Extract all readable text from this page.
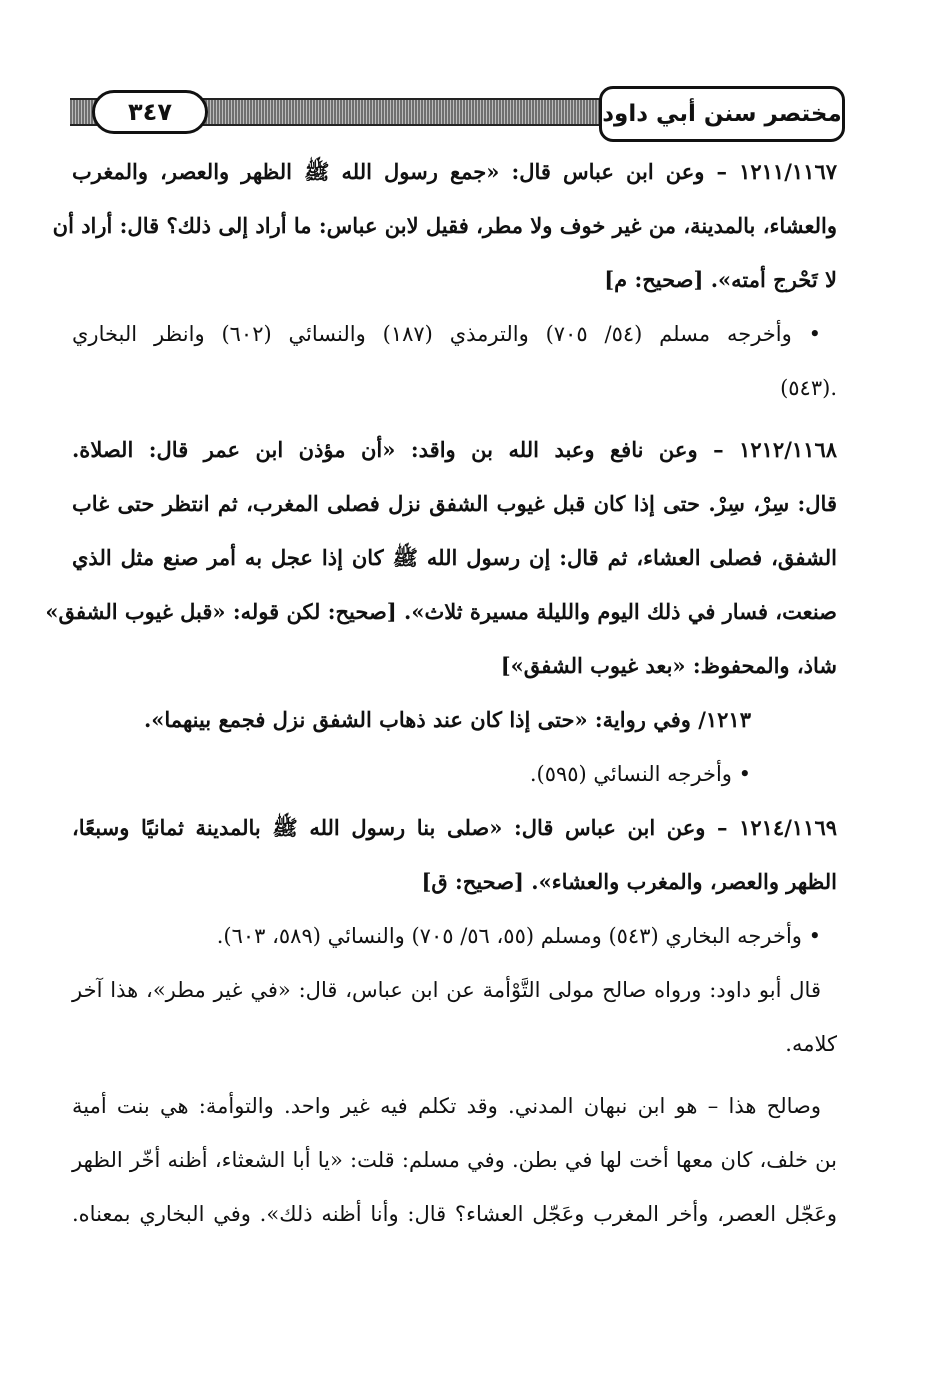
٣٤٧	مختصر سنن أبي داود
١٢١١/١١٦٧ – وعن ابن عباس قال: «جمع رسول الله ﷺ الظهر والعصر، والمغرب
والعشاء، بالمدينة، من غير خوف ولا مطر، فقيل لابن عباس: ما أراد إلى ذلك؟ قال: أراد أن
لا تَحْرج أمته». [صحيح: م]
• وأخرجه مسلم (٥٤/ ٧٠٥) والترمذي (١٨٧) والنسائي (٦٠٢) وانظر البخاري
.(٥٤٣)
١٢١٢/١١٦٨ – وعن نافع وعبد الله بن واقد: «أن مؤذن ابن عمر قال: الصلاة.
قال: سِرْ، سِرْ. حتى إذا كان قبل غيوب الشفق نزل فصلى المغرب، ثم انتظر حتى غاب
الشفق، فصلى العشاء، ثم قال: إن رسول الله ﷺ كان إذا عجل به أمر صنع مثل الذي
صنعت، فسار في ذلك اليوم والليلة مسيرة ثلاث». [صحيح: لكن قوله: «قبل غيوب الشفق»
شاذ، والمحفوظ: «بعد غيوب الشفق»]
١٢١٣/ وفي رواية: «حتى إذا كان عند ذهاب الشفق نزل فجمع بينهما».
• وأخرجه النسائي (٥٩٥).
١٢١٤/١١٦٩ – وعن ابن عباس قال: «صلى بنا رسول الله ﷺ بالمدينة ثمانيًا وسبعًا،
الظهر والعصر، والمغرب والعشاء». [صحيح: ق]
• وأخرجه البخاري (٥٤٣) ومسلم (٥٥، ٥٦/ ٧٠٥) والنسائي (٥٨٩، ٦٠٣).
قال أبو داود: ورواه صالح مولى التَّوْأمة عن ابن عباس، قال: «في غير مطر»، هذا آخر
كلامه.
وصالح هذا – هو ابن نبهان المدني. وقد تكلم فيه غير واحد. والتوأمة: هي بنت أمية
بن خلف، كان معها أخت لها في بطن. وفي مسلم: قلت: «يا أبا الشعثاء، أظنه أخّر الظهر
وعَجّل العصر، وأخر المغرب وعَجّل العشاء؟ قال: وأنا أظنه ذلك». وفي البخاري بمعناه.
